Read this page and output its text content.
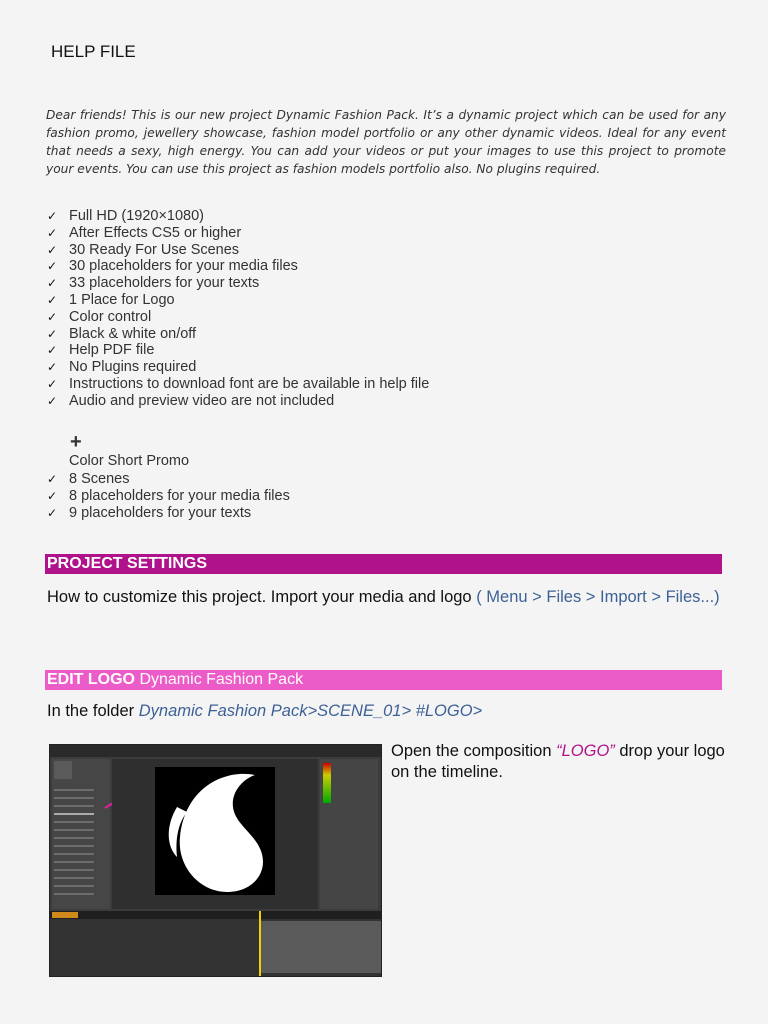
HELP FILE

Dear friends! This is our new project Dynamic Fashion Pack. It’s a dynamic project which can be used for any fashion promo, jewellery showcase, fashion model portfolio or any other dynamic videos. Ideal for any event that needs a sexy, high energy. You can add your videos or put your images to use this project to promote your events. You can use this project as fashion models portfolio also. No plugins required.

✓ Full HD (1920×1080)
✓ After Effects CS5 or higher
✓ 30 Ready For Use Scenes
✓ 30 placeholders for your media files
✓ 33 placeholders for your texts
✓ 1 Place for Logo
✓ Color control
✓ Black & white on/off
✓ Help PDF file
✓ No Plugins required
✓ Instructions to download font are be available in help file
✓ Audio and preview video are not included
+
Color Short Promo
✓ 8 Scenes
✓ 8 placeholders for your media files
✓ 9 placeholders for your texts
PROJECT SETTINGS
How to customize this project. Import your media and logo ( Menu > Files > Import > Files...)
EDIT LOGO Dynamic Fashion Pack
In the folder Dynamic Fashion Pack>SCENE_01> #LOGO>
Open the composition “LOGO” drop your logo on the timeline.
